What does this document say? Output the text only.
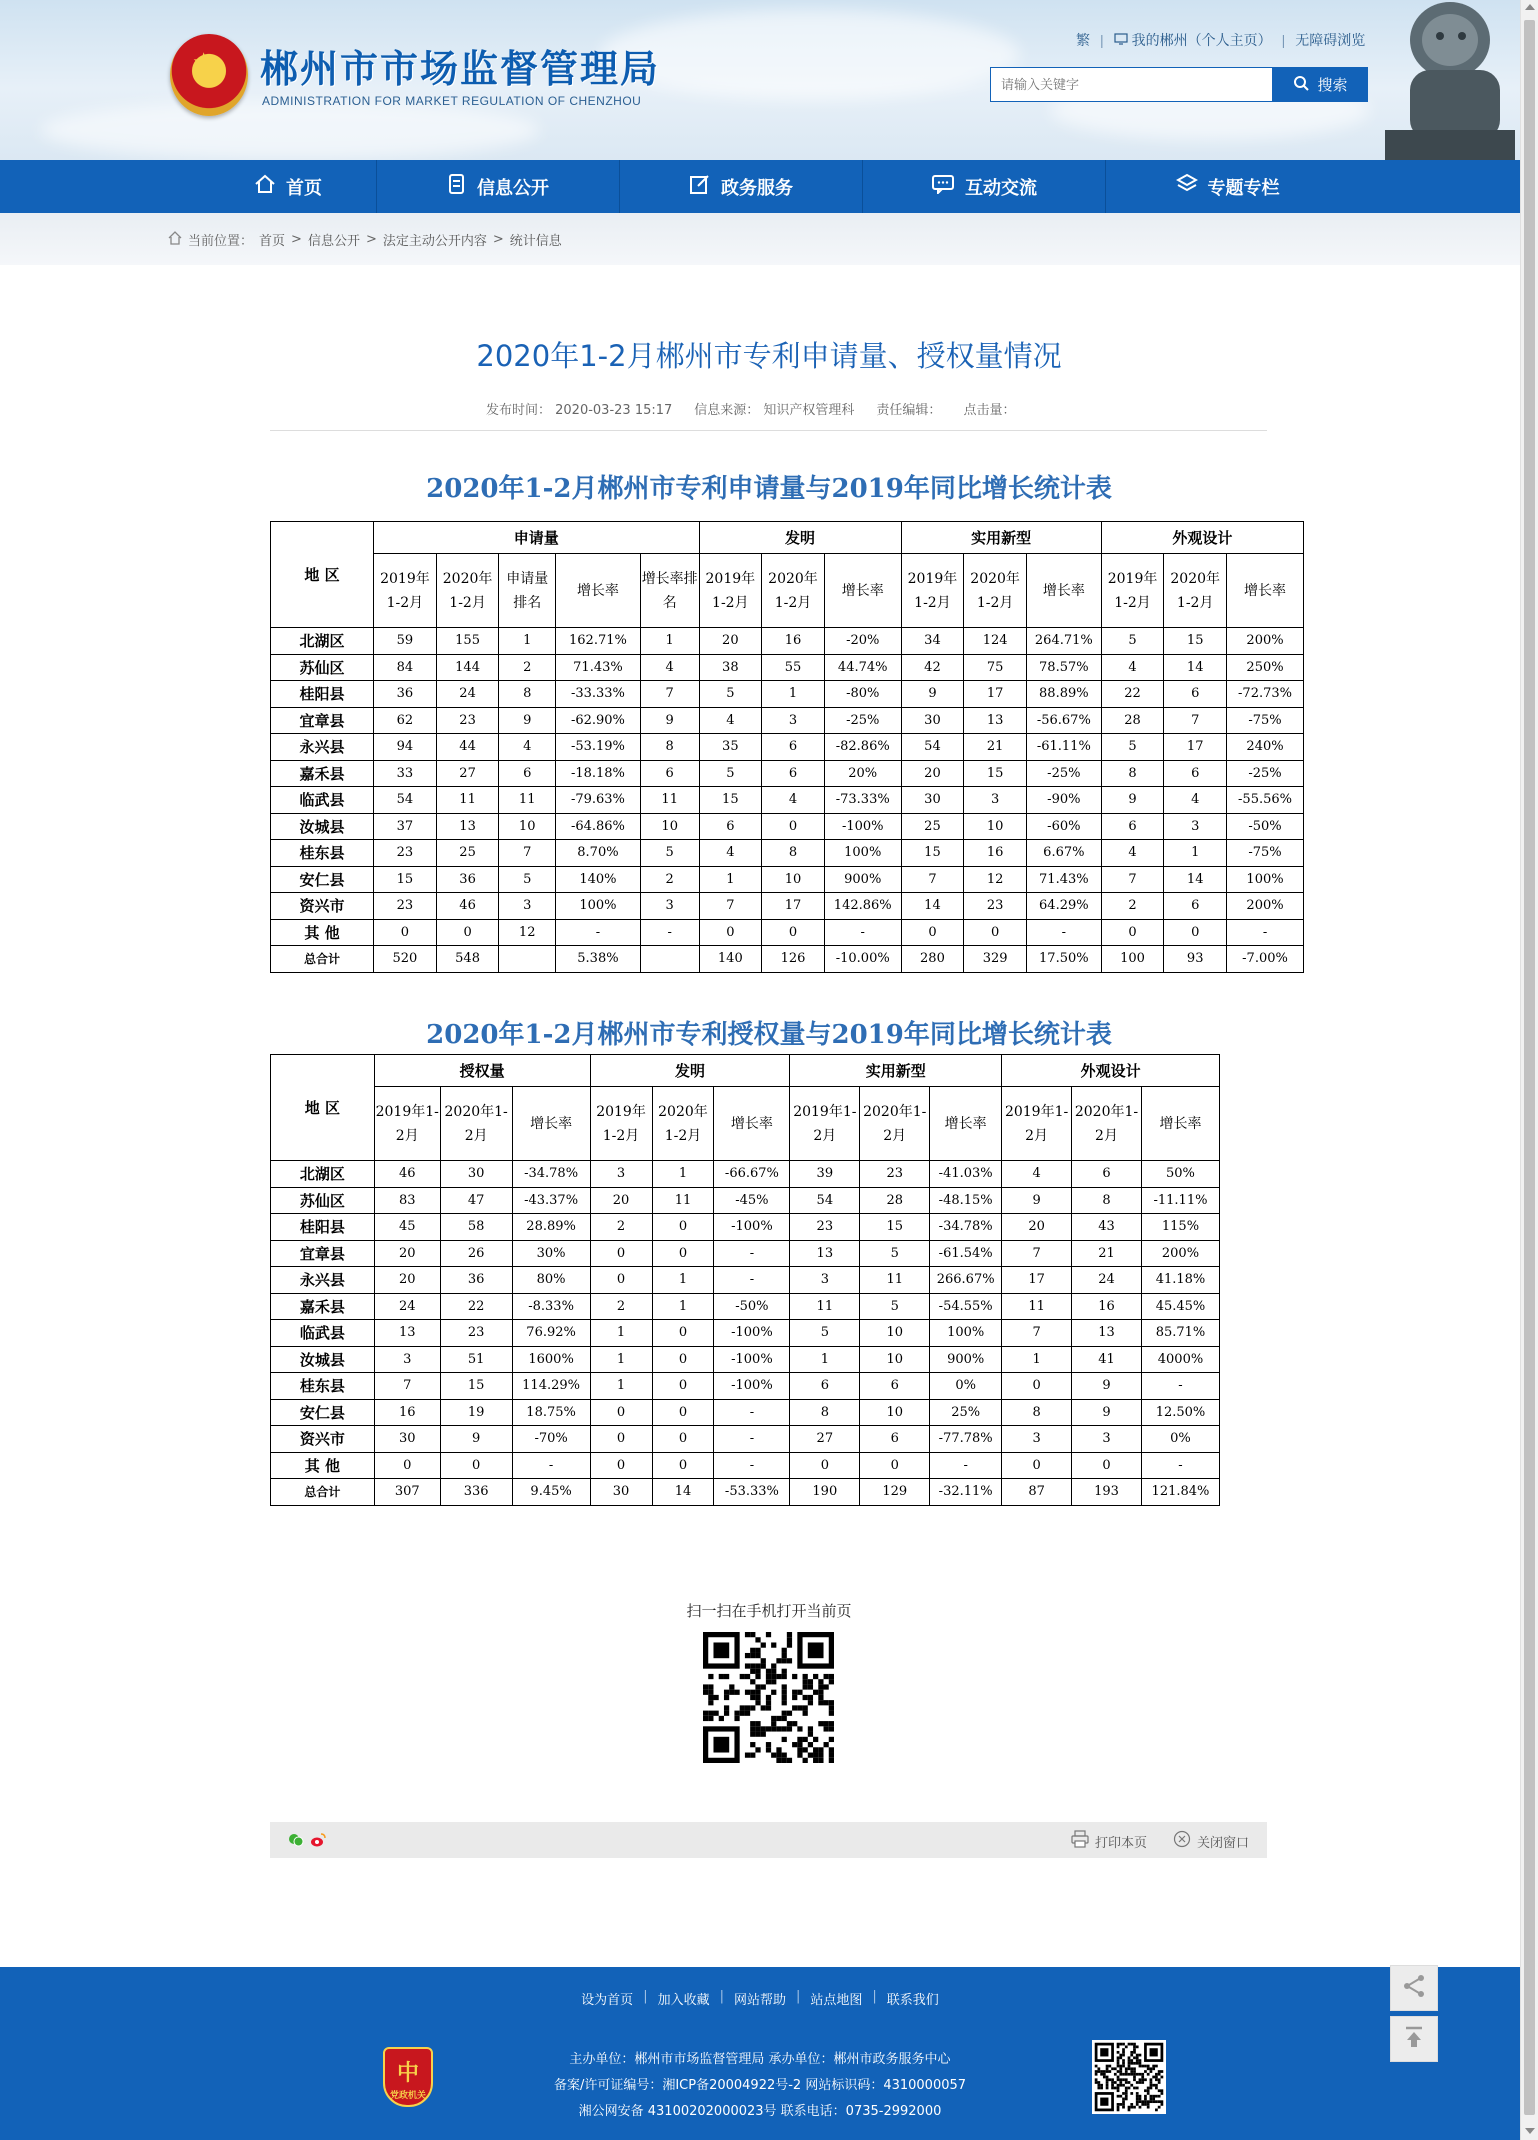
★ 郴州市市场监督管理局
ADMINISTRATION FOR MARKET REGULATION OF CHENZHOU
繁 | 我的郴州（个人主页） | 无障碍浏览
请输入关键字
搜索
首页	信息公开	政务服务	互动交流	专题专栏
当前位置： 首页 > 信息公开 > 法定主动公开内容 > 统计信息
2020年1-2月郴州市专利申请量、授权量情况
发布时间： 2020-03-23 15:17 信息来源： 知识产权管理科 责任编辑： 点击量：
2020年1-2月郴州市专利申请量与2019年同比增长统计表
地 区	申请量					发明			实用新型			外观设计		
	2019年1-2月	2020年1-2月	申请量排名	增长率	增长率排名	2019年1-2月	2020年1-2月	增长率	2019年1-2月	2020年1-2月	增长率	2019年1-2月	2020年1-2月	增长率
北湖区	59	155	1	162.71%	1	20	16	-20%	34	124	264.71%	5	15	200%
苏仙区	84	144	2	71.43%	4	38	55	44.74%	42	75	78.57%	4	14	250%
桂阳县	36	24	8	-33.33%	7	5	1	-80%	9	17	88.89%	22	6	-72.73%
宜章县	62	23	9	-62.90%	9	4	3	-25%	30	13	-56.67%	28	7	-75%
永兴县	94	44	4	-53.19%	8	35	6	-82.86%	54	21	-61.11%	5	17	240%
嘉禾县	33	27	6	-18.18%	6	5	6	20%	20	15	-25%	8	6	-25%
临武县	54	11	11	-79.63%	11	15	4	-73.33%	30	3	-90%	9	4	-55.56%
汝城县	37	13	10	-64.86%	10	6	0	-100%	25	10	-60%	6	3	-50%
桂东县	23	25	7	8.70%	5	4	8	100%	15	16	6.67%	4	1	-75%
安仁县	15	36	5	140%	2	1	10	900%	7	12	71.43%	7	14	100%
资兴市	23	46	3	100%	3	7	17	142.86%	14	23	64.29%	2	6	200%
其 他	0	0	12	-	-	0	0	-	0	0	-	0	0	-
总合计	520	548		5.38%		140	126	-10.00%	280	329	17.50%	100	93	-7.00%
2020年1-2月郴州市专利授权量与2019年同比增长统计表
地 区	授权量			发明			实用新型			外观设计		
	2019年1-2月	2020年1-2月	增长率	2019年1-2月	2020年1-2月	增长率	2019年1-2月	2020年1-2月	增长率	2019年1-2月	2020年1-2月	增长率
北湖区	46	30	-34.78%	3	1	-66.67%	39	23	-41.03%	4	6	50%
苏仙区	83	47	-43.37%	20	11	-45%	54	28	-48.15%	9	8	-11.11%
桂阳县	45	58	28.89%	2	0	-100%	23	15	-34.78%	20	43	115%
宜章县	20	26	30%	0	0	-	13	5	-61.54%	7	21	200%
永兴县	20	36	80%	0	1	-	3	11	266.67%	17	24	41.18%
嘉禾县	24	22	-8.33%	2	1	-50%	11	5	-54.55%	11	16	45.45%
临武县	13	23	76.92%	1	0	-100%	5	10	100%	7	13	85.71%
汝城县	3	51	1600%	1	0	-100%	1	10	900%	1	41	4000%
桂东县	7	15	114.29%	1	0	-100%	6	6	0%	0	9	-
安仁县	16	19	18.75%	0	0	-	8	10	25%	8	9	12.50%
资兴市	30	9	-70%	0	0	-	27	6	-77.78%	3	3	0%
其 他	0	0	-	0	0	-	0	0	-	0	0	-
总合计	307	336	9.45%	30	14	-53.33%	190	129	-32.11%	87	193	121.84%
扫一扫在手机打开当前页
打印本页	关闭窗口
设为首页 | 加入收藏 | 网站帮助 | 站点地图 | 联系我们
党政机关
中
主办单位：郴州市市场监督管理局 承办单位：郴州市政务服务中心
备案/许可证编号：湘ICP备20004922号-2 网站标识码：4310000057
湘公网安备 43100202000023号 联系电话：0735-2992000
